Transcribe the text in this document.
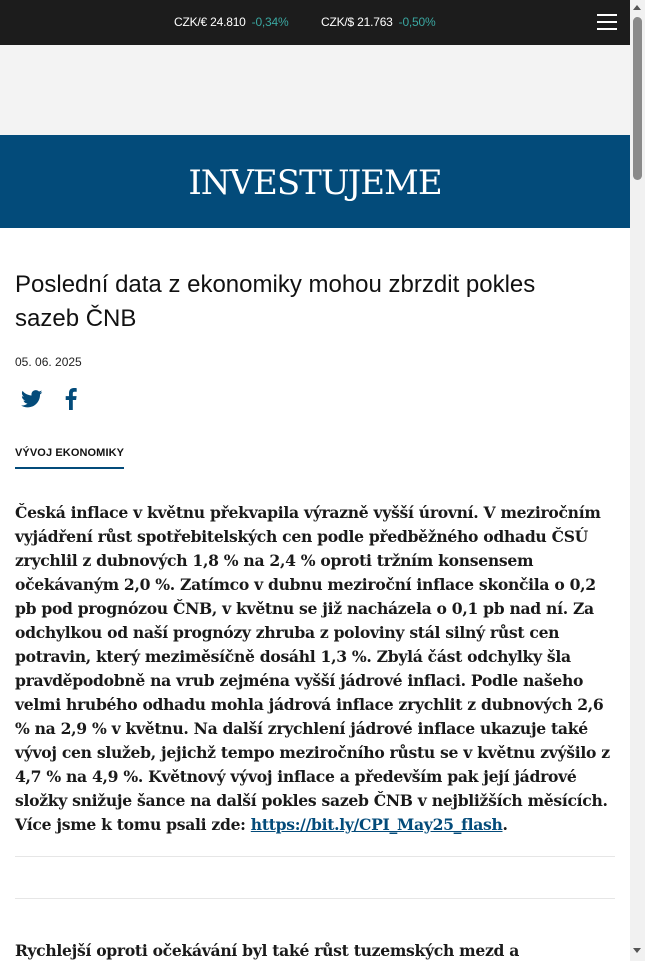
CZK/€ 24.810 -0,34%	CZK/$ 21.763 -0,50%
INVESTUJEME
Poslední data z ekonomiky mohou zbrzdit pokles sazeb ČNB
05. 06. 2025
VÝVOJ EKONOMIKY

Česká inflace v květnu překvapila výrazně vyšší úrovní. V meziročním vyjádření růst spotřebitelských cen podle předběžného odhadu ČSÚ zrychlil z dubnových 1,8 % na 2,4 % oproti tržním konsensem očekávaným 2,0 %. Zatímco v dubnu meziroční inflace skončila o 0,2 pb pod prognózou ČNB, v květnu se již nacházela o 0,1 pb nad ní. Za odchylkou od naší prognózy zhruba z poloviny stál silný růst cen potravin, který meziměsíčně dosáhl 1,3 %. Zbylá část odchylky šla pravděpodobně na vrub zejména vyšší jádrové inflaci. Podle našeho velmi hrubého odhadu mohla jádrová inflace zrychlit z dubnových 2,6 % na 2,9 % v květnu. Na další zrychlení jádrové inflace ukazuje také vývoj cen služeb, jejichž tempo meziročního růstu se v květnu zvýšilo z 4,7 % na 4,9 %. Květnový vývoj inflace a především pak její jádrové složky snižuje šance na další pokles sazeb ČNB v nejbližších měsících. Více jsme k tomu psali zde: https://bit.ly/CPI_May25_flash.

Rychlejší oproti očekávání byl také růst tuzemských mezd a
